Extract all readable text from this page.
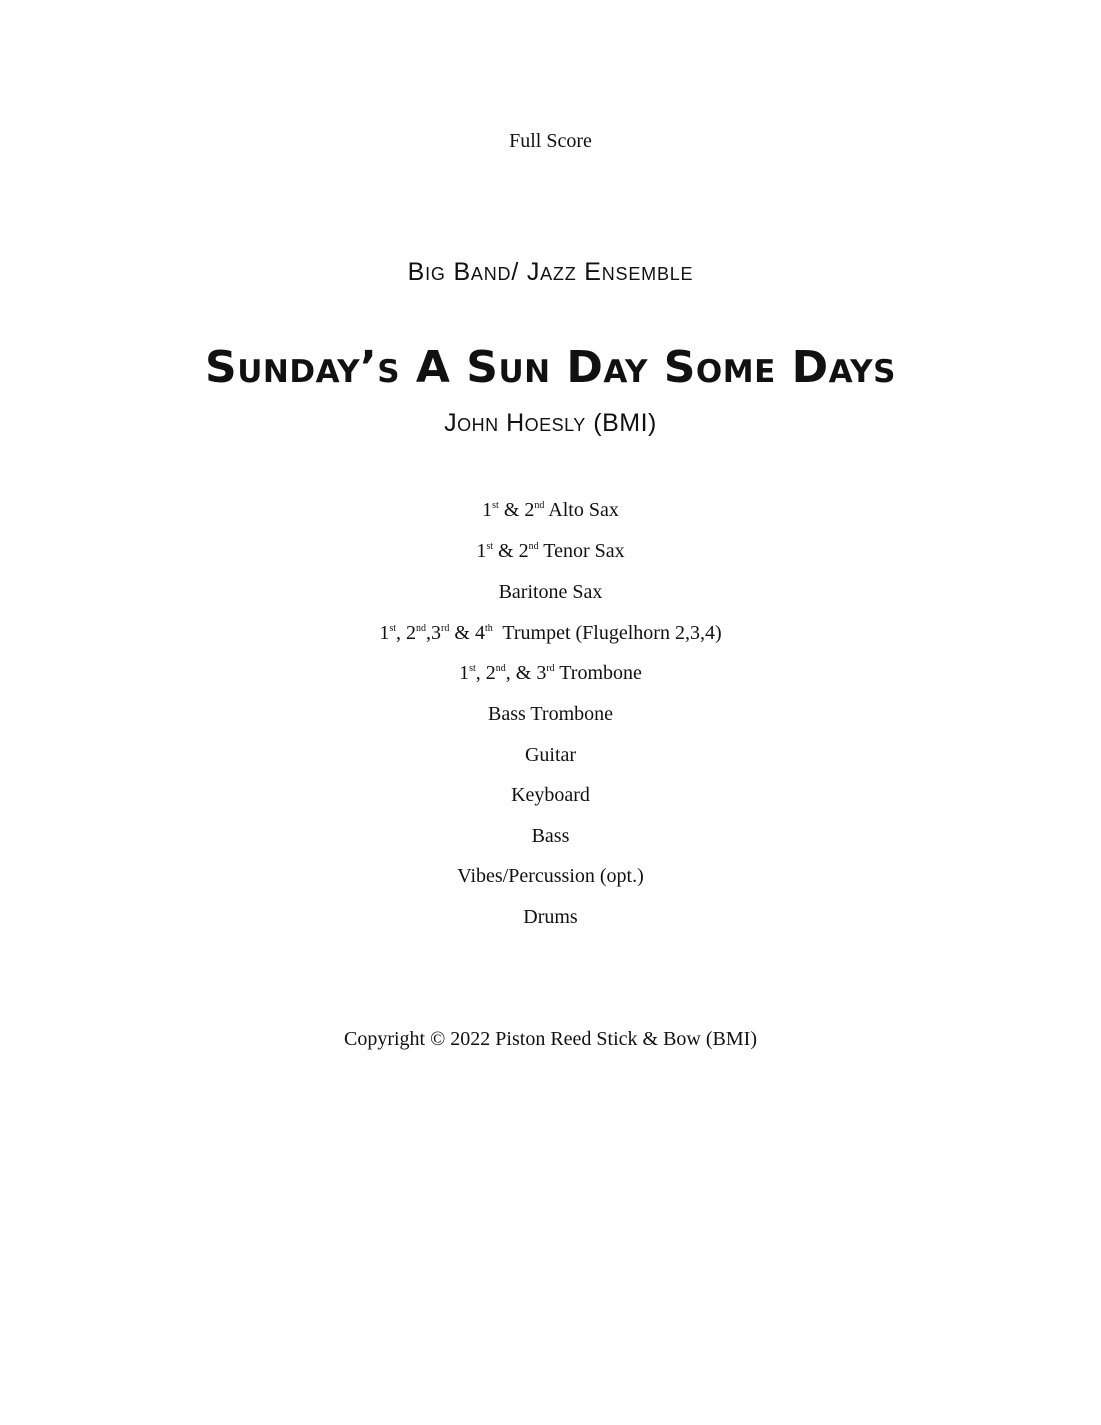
Full Score
Big Band/ Jazz Ensemble
Sunday’s A Sun Day Some Days
John Hoesly (BMI)
1st & 2nd Alto Sax
1st & 2nd Tenor Sax
Baritone Sax
1st, 2nd,3rd & 4th  Trumpet (Flugelhorn 2,3,4)
1st, 2nd, & 3rd Trombone
Bass Trombone
Guitar
Keyboard
Bass
Vibes/Percussion (opt.)
Drums
Copyright © 2022 Piston Reed Stick & Bow (BMI)
